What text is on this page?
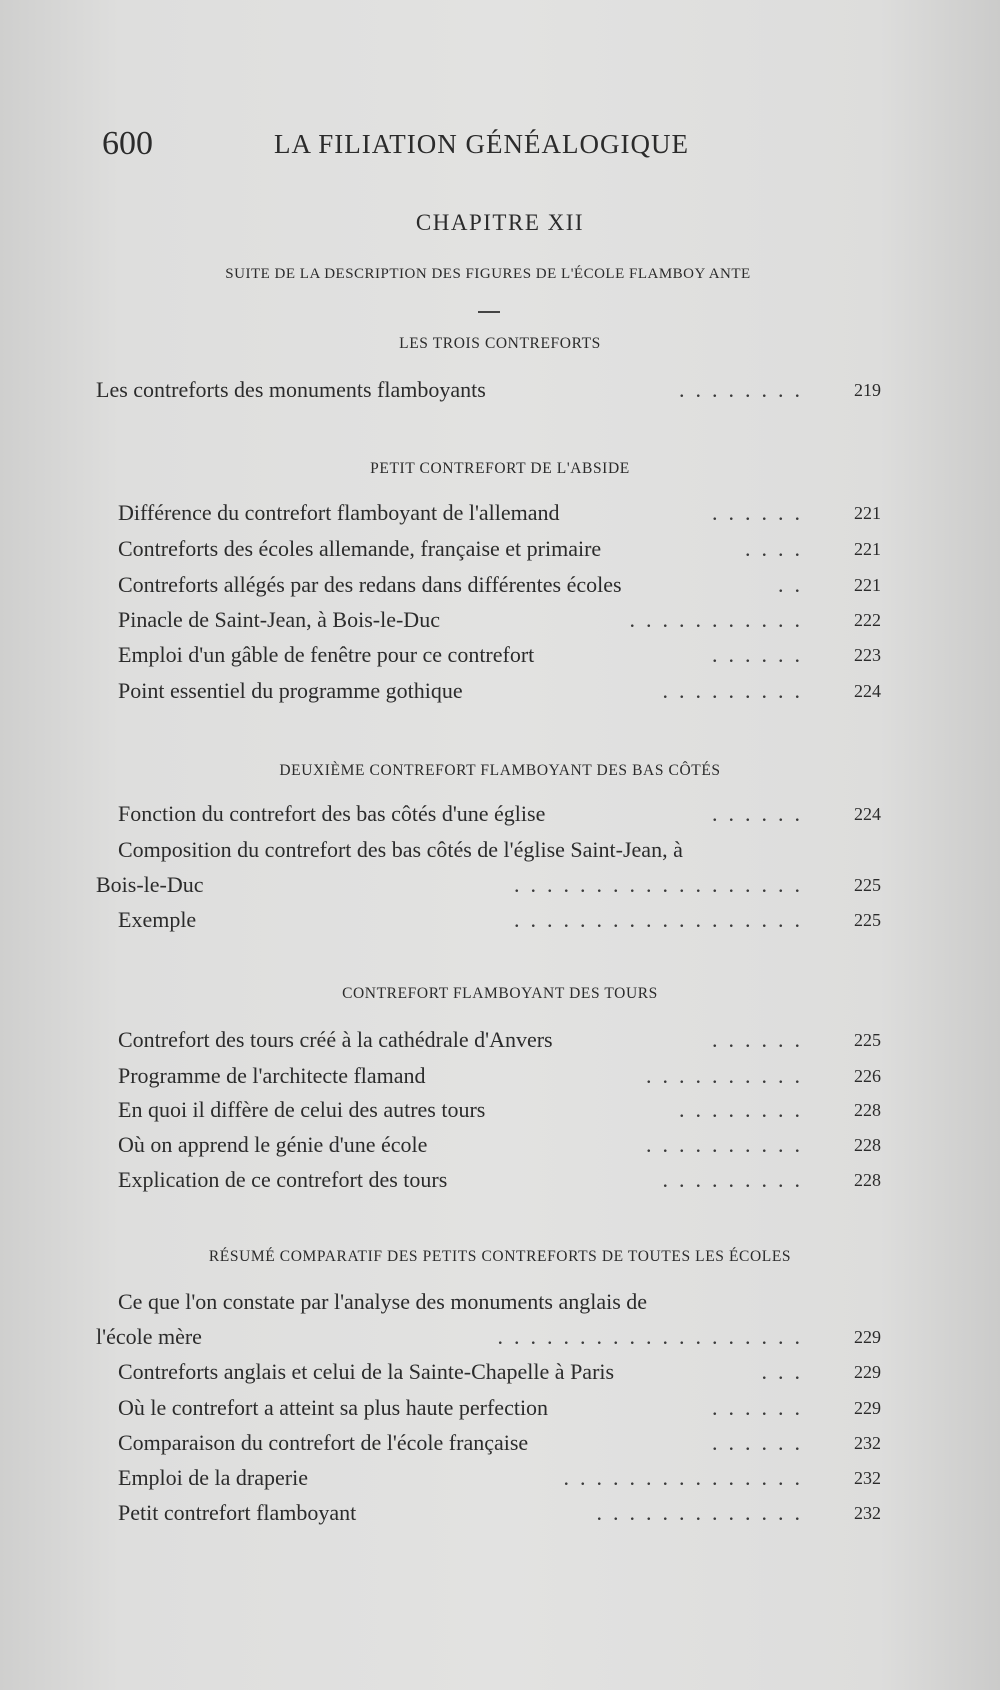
600	LA FILIATION GÉNÉALOGIQUE
CHAPITRE XII
SUITE DE LA DESCRIPTION DES FIGURES DE L'ÉCOLE FLAMBOY ANTE
LES TROIS CONTREFORTS
Les contreforts des monuments flamboyants	........	219
PETIT CONTREFORT DE L'ABSIDE
Différence du contrefort flamboyant de l'allemand	......	221
Contreforts des écoles allemande, française et primaire	....	221
Contreforts allégés par des redans dans différentes écoles	..	221
Pinacle de Saint-Jean, à Bois-le-Duc	...........	222
Emploi d'un gâble de fenêtre pour ce contrefort	......	223
Point essentiel du programme gothique	.........	224
DEUXIÈME CONTREFORT FLAMBOYANT DES BAS CÔTÉS
Fonction du contrefort des bas côtés d'une église	......	224
Composition du contrefort des bas côtés de l'église Saint-Jean, à
Bois-le-Duc	..................	225
Exemple	..................	225
CONTREFORT FLAMBOYANT DES TOURS
Contrefort des tours créé à la cathédrale d'Anvers	......	225
Programme de l'architecte flamand	..........	226
En quoi il diffère de celui des autres tours	........	228
Où on apprend le génie d'une école	..........	228
Explication de ce contrefort des tours	.........	228
RÉSUMÉ COMPARATIF DES PETITS CONTREFORTS DE TOUTES LES ÉCOLES
Ce que l'on constate par l'analyse des monuments anglais de
l'école mère	...................	229
Contreforts anglais et celui de la Sainte-Chapelle à Paris	...	229
Où le contrefort a atteint sa plus haute perfection	......	229
Comparaison du contrefort de l'école française	......	232
Emploi de la draperie	...............	232
Petit contrefort flamboyant	.............	232
